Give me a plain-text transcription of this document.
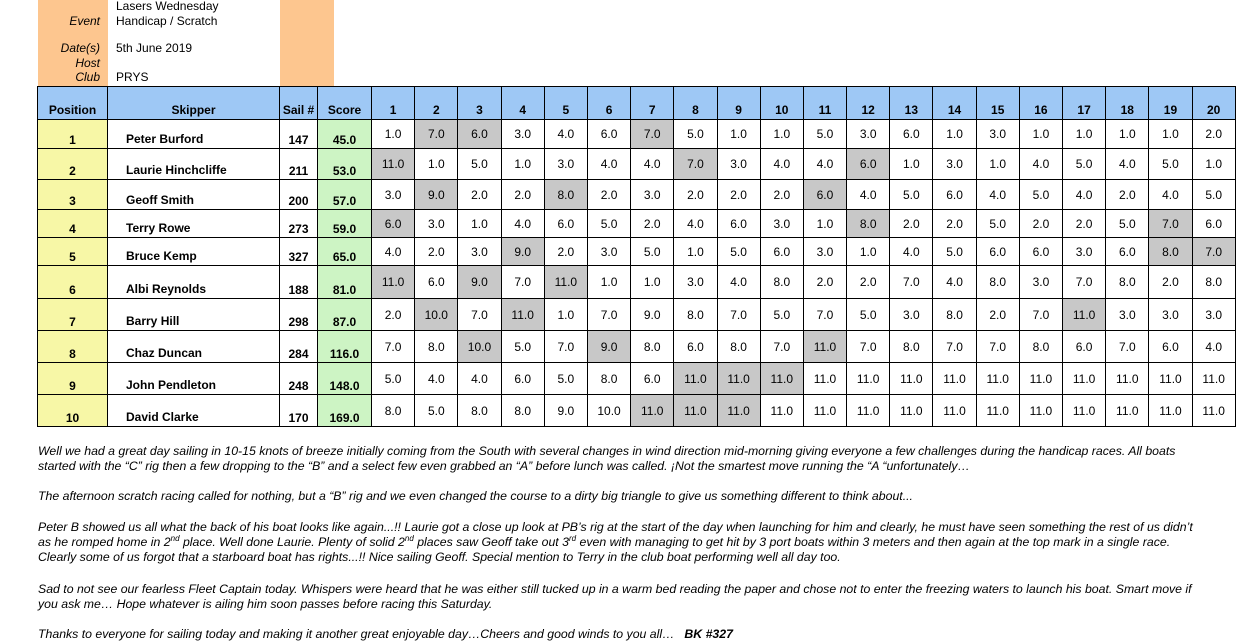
Event
Lasers Wednesday
Handicap / Scratch
Date(s) 5th June 2019
Host
Club PRYS
Position	Skipper	Sail #	Score	1	2	3	4	5	6	7	8	9	10	11	12	13	14	15	16	17	18	19	20
1	Peter Burford	147	45.0	1.0	7.0	6.0	3.0	4.0	6.0	7.0	5.0	1.0	1.0	5.0	3.0	6.0	1.0	3.0	1.0	1.0	1.0	1.0	2.0
2	Laurie Hinchcliffe	211	53.0	11.0	1.0	5.0	1.0	3.0	4.0	4.0	7.0	3.0	4.0	4.0	6.0	1.0	3.0	1.0	4.0	5.0	4.0	5.0	1.0
3	Geoff Smith	200	57.0	3.0	9.0	2.0	2.0	8.0	2.0	3.0	2.0	2.0	2.0	6.0	4.0	5.0	6.0	4.0	5.0	4.0	2.0	4.0	5.0
4	Terry Rowe	273	59.0	6.0	3.0	1.0	4.0	6.0	5.0	2.0	4.0	6.0	3.0	1.0	8.0	2.0	2.0	5.0	2.0	2.0	5.0	7.0	6.0
5	Bruce Kemp	327	65.0	4.0	2.0	3.0	9.0	2.0	3.0	5.0	1.0	5.0	6.0	3.0	1.0	4.0	5.0	6.0	6.0	3.0	6.0	8.0	7.0
6	Albi Reynolds	188	81.0	11.0	6.0	9.0	7.0	11.0	1.0	1.0	3.0	4.0	8.0	2.0	2.0	7.0	4.0	8.0	3.0	7.0	8.0	2.0	8.0
7	Barry Hill	298	87.0	2.0	10.0	7.0	11.0	1.0	7.0	9.0	8.0	7.0	5.0	7.0	5.0	3.0	8.0	2.0	7.0	11.0	3.0	3.0	3.0
8	Chaz Duncan	284	116.0	7.0	8.0	10.0	5.0	7.0	9.0	8.0	6.0	8.0	7.0	11.0	7.0	8.0	7.0	7.0	8.0	6.0	7.0	6.0	4.0
9	John Pendleton	248	148.0	5.0	4.0	4.0	6.0	5.0	8.0	6.0	11.0	11.0	11.0	11.0	11.0	11.0	11.0	11.0	11.0	11.0	11.0	11.0	11.0
10	David Clarke	170	169.0	8.0	5.0	8.0	8.0	9.0	10.0	11.0	11.0	11.0	11.0	11.0	11.0	11.0	11.0	11.0	11.0	11.0	11.0	11.0	11.0

Well we had a great day sailing in 10-15 knots of breeze initially coming from the South with several changes in wind direction mid-morning giving everyone a few challenges during the handicap races. All boats started with the “C” rig then a few dropping to the “B” and a select few even grabbed an “A” before lunch was called. ¡Not the smartest move running the “A “unfortunately…

The afternoon scratch racing called for nothing, but a “B” rig and we even changed the course to a dirty big triangle to give us something different to think about...

Peter B showed us all what the back of his boat looks like again...!! Laurie got a close up look at PB’s rig at the start of the day when launching for him and clearly, he must have seen something the rest of us didn’t as he romped home in 2nd place. Well done Laurie. Plenty of solid 2nd places saw Geoff take out 3rd even with managing to get hit by 3 port boats within 3 meters and then again at the top mark in a single race. Clearly some of us forgot that a starboard boat has rights...!! Nice sailing Geoff. Special mention to Terry in the club boat performing well all day too.

Sad to not see our fearless Fleet Captain today. Whispers were heard that he was either still tucked up in a warm bed reading the paper and chose not to enter the freezing waters to launch his boat. Smart move if you ask me… Hope whatever is ailing him soon passes before racing this Saturday.

Thanks to everyone for sailing today and making it another great enjoyable day…Cheers and good winds to you all… BK #327
